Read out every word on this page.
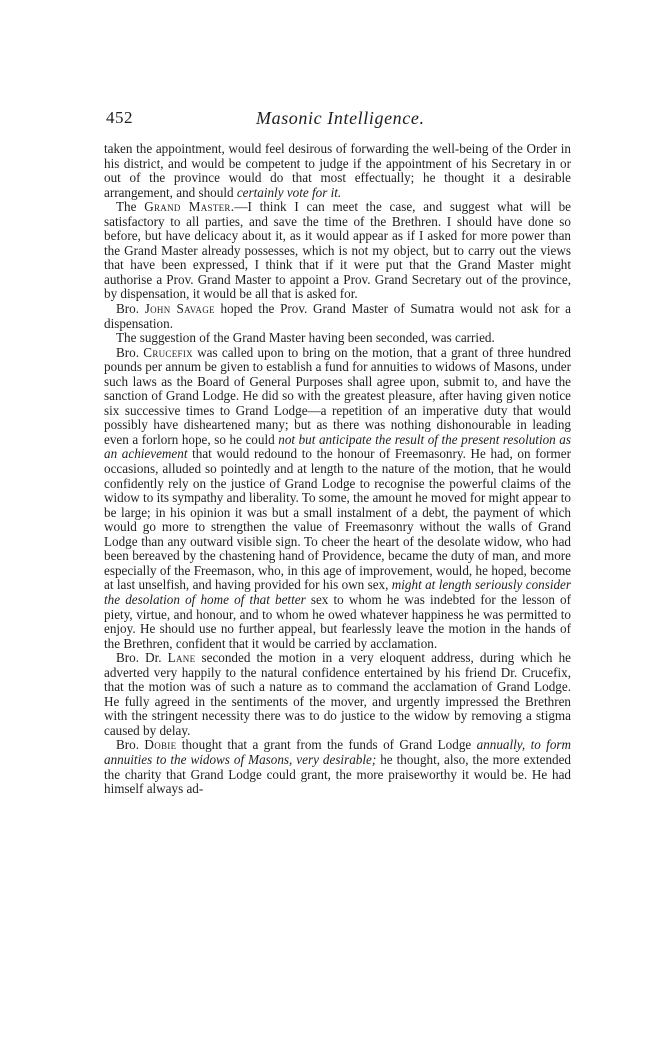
452	Masonic Intelligence.

taken the appointment, would feel desirous of forwarding the well-being of the Order in his district, and would be competent to judge if the appointment of his Secretary in or out of the province would do that most effectually; he thought it a desirable arrangement, and should certainly vote for it.

The Grand Master.—I think I can meet the case, and suggest what will be satisfactory to all parties, and save the time of the Brethren. I should have done so before, but have delicacy about it, as it would appear as if I asked for more power than the Grand Master already possesses, which is not my object, but to carry out the views that have been expressed, I think that if it were put that the Grand Master might authorise a Prov. Grand Master to appoint a Prov. Grand Secretary out of the province, by dispensation, it would be all that is asked for.

Bro. John Savage hoped the Prov. Grand Master of Sumatra would not ask for a dispensation.

The suggestion of the Grand Master having been seconded, was carried.

Bro. Crucefix was called upon to bring on the motion, that a grant of three hundred pounds per annum be given to establish a fund for annuities to widows of Masons, under such laws as the Board of General Purposes shall agree upon, submit to, and have the sanction of Grand Lodge. He did so with the greatest pleasure, after having given notice six successive times to Grand Lodge—a repetition of an imperative duty that would possibly have disheartened many; but as there was nothing dishonourable in leading even a forlorn hope, so he could not but anticipate the result of the present resolution as an achievement that would redound to the honour of Freemasonry. He had, on former occasions, alluded so pointedly and at length to the nature of the motion, that he would confidently rely on the justice of Grand Lodge to recognise the powerful claims of the widow to its sympathy and liberality. To some, the amount he moved for might appear to be large; in his opinion it was but a small instalment of a debt, the payment of which would go more to strengthen the value of Freemasonry without the walls of Grand Lodge than any outward visible sign. To cheer the heart of the desolate widow, who had been bereaved by the chastening hand of Providence, became the duty of man, and more especially of the Freemason, who, in this age of improvement, would, he hoped, become at last unselfish, and having provided for his own sex, might at length seriously consider the desolation of home of that better sex to whom he was indebted for the lesson of piety, virtue, and honour, and to whom he owed whatever happiness he was permitted to enjoy. He should use no further appeal, but fearlessly leave the motion in the hands of the Brethren, confident that it would be carried by acclamation.

Bro. Dr. Lane seconded the motion in a very eloquent address, during which he adverted very happily to the natural confidence entertained by his friend Dr. Crucefix, that the motion was of such a nature as to command the acclamation of Grand Lodge. He fully agreed in the sentiments of the mover, and urgently impressed the Brethren with the stringent necessity there was to do justice to the widow by removing a stigma caused by delay.

Bro. Dobie thought that a grant from the funds of Grand Lodge annually, to form annuities to the widows of Masons, very desirable; he thought, also, the more extended the charity that Grand Lodge could grant, the more praiseworthy it would be. He had himself always ad-
